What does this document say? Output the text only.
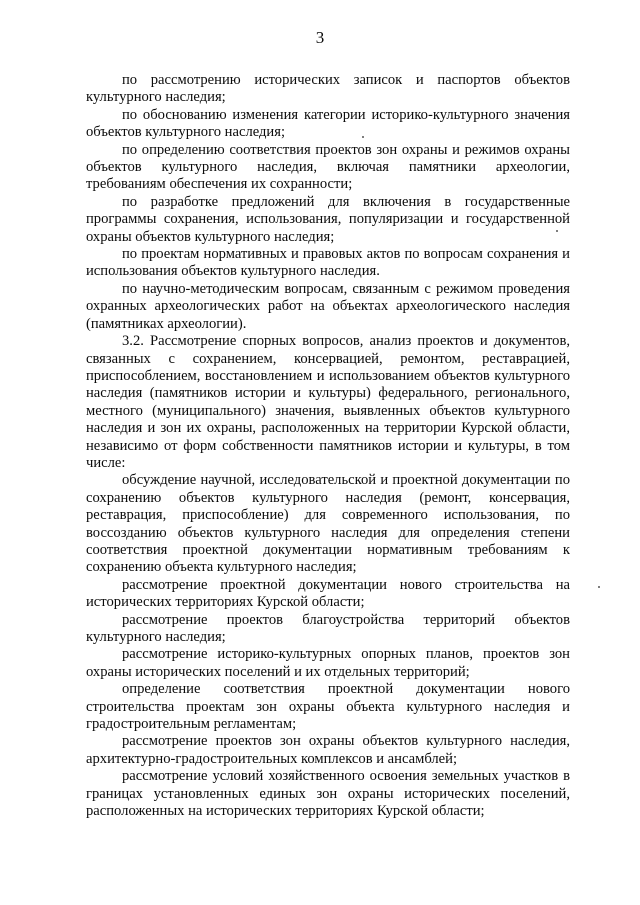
3

по рассмотрению исторических записок и паспортов объектов культурного наследия;

по обоснованию изменения категории историко-культурного значения объектов культурного наследия;

по определению соответствия проектов зон охраны и режимов охраны объектов культурного наследия, включая памятники археологии, требованиям обеспечения их сохранности;

по разработке предложений для включения в государственные программы сохранения, использования, популяризации и государственной охраны объектов культурного наследия;

по проектам нормативных и правовых актов по вопросам сохранения и использования объектов культурного наследия.

по научно-методическим вопросам, связанным с режимом проведения охранных археологических работ на объектах археологического наследия (памятниках археологии).

3.2. Рассмотрение спорных вопросов, анализ проектов и документов, связанных с сохранением, консервацией, ремонтом, реставрацией, приспособлением, восстановлением и использованием объектов культурного наследия (памятников истории и культуры) федерального, регионального, местного (муниципального) значения, выявленных объектов культурного наследия и зон их охраны, расположенных на территории Курской области, независимо от форм собственности памятников истории и культуры, в том числе:

обсуждение научной, исследовательской и проектной документации по сохранению объектов культурного наследия (ремонт, консервация, реставрация, приспособление) для современного использования, по воссозданию объектов культурного наследия для определения степени соответствия проектной документации нормативным требованиям к сохранению объекта культурного наследия;

рассмотрение проектной документации нового строительства на исторических территориях Курской области;

рассмотрение проектов благоустройства территорий объектов культурного наследия;

рассмотрение историко-культурных опорных планов, проектов зон охраны исторических поселений и их отдельных территорий;

определение соответствия проектной документации нового строительства проектам зон охраны объекта культурного наследия и градостроительным регламентам;

рассмотрение проектов зон охраны объектов культурного наследия, архитектурно-градостроительных комплексов и ансамблей;

рассмотрение условий хозяйственного освоения земельных участков в границах установленных единых зон охраны исторических поселений, расположенных на исторических территориях Курской области;
